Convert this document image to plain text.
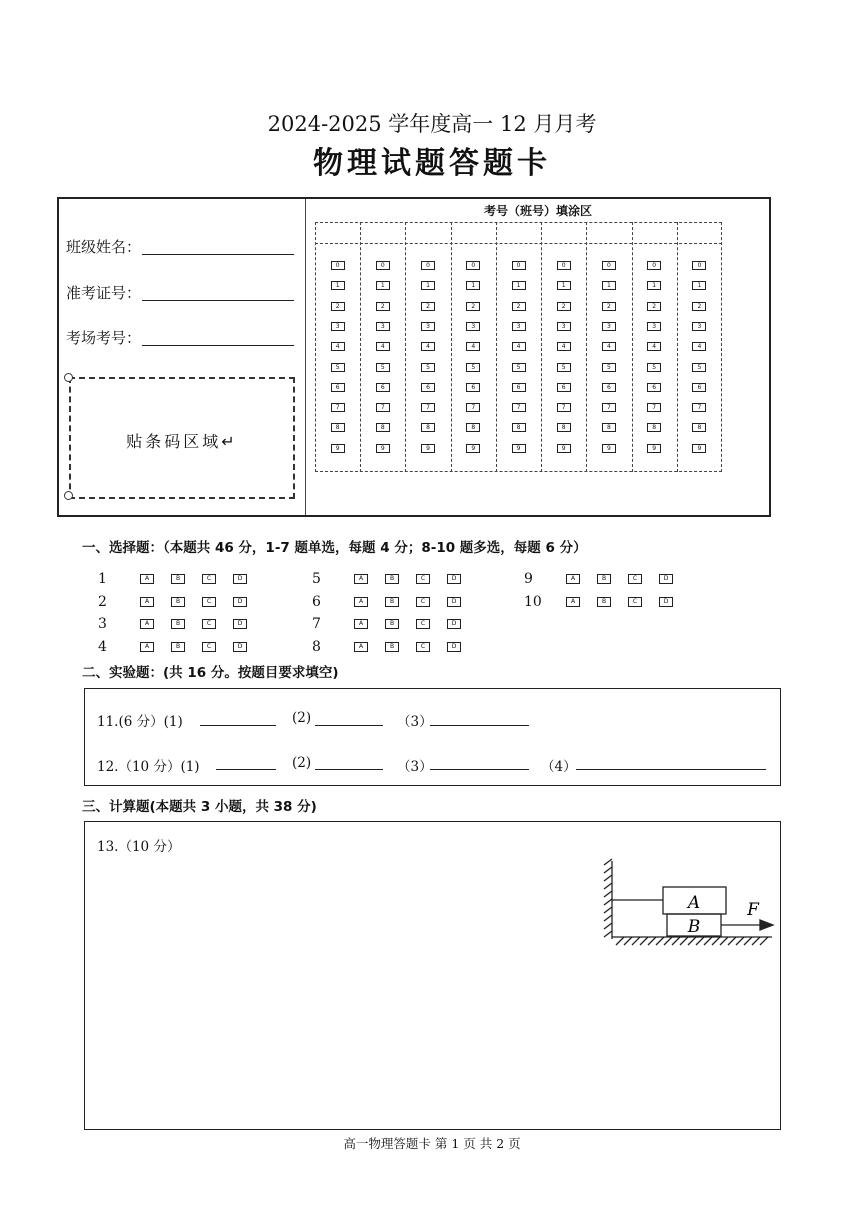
2024-2025 学年度高一 12 月月考
物理试题答题卡
班级姓名：
准考证号：
考场考号：
贴条码区域↵
考号（班号）填涂区
0	0	0	0	0	0	0	0	0
1	1	1	1	1	1	1	1	1
2	2	2	2	2	2	2	2	2
3	3	3	3	3	3	3	3	3
4	4	4	4	4	4	4	4	4
5	5	5	5	5	5	5	5	5
6	6	6	6	6	6	6	6	6
7	7	7	7	7	7	7	7	7
8	8	8	8	8	8	8	8	8
9	9	9	9	9	9	9	9	9
一、选择题：（本题共 46 分，1-7 题单选，每题 4 分；8-10 题多选，每题 6 分）
1	A	B	C	D
2	A	B	C	D
3	A	B	C	D
4	A	B	C	D
5	A	B	C	D
6	A	B	C	D
7	A	B	C	D
8	A	B	C	D
9	A	B	C	D
10	A	B	C	D
二、实验题：(共 16 分。按题目要求填空)
11.(6 分）(1)	(2)	（3）
12.（10 分）(1)	(2)	（3）	（4）
三、计算题(本题共 3 小题，共 38 分)
13.（10 分）
A
B
F
高一物理答题卡 第 1 页 共 2 页
